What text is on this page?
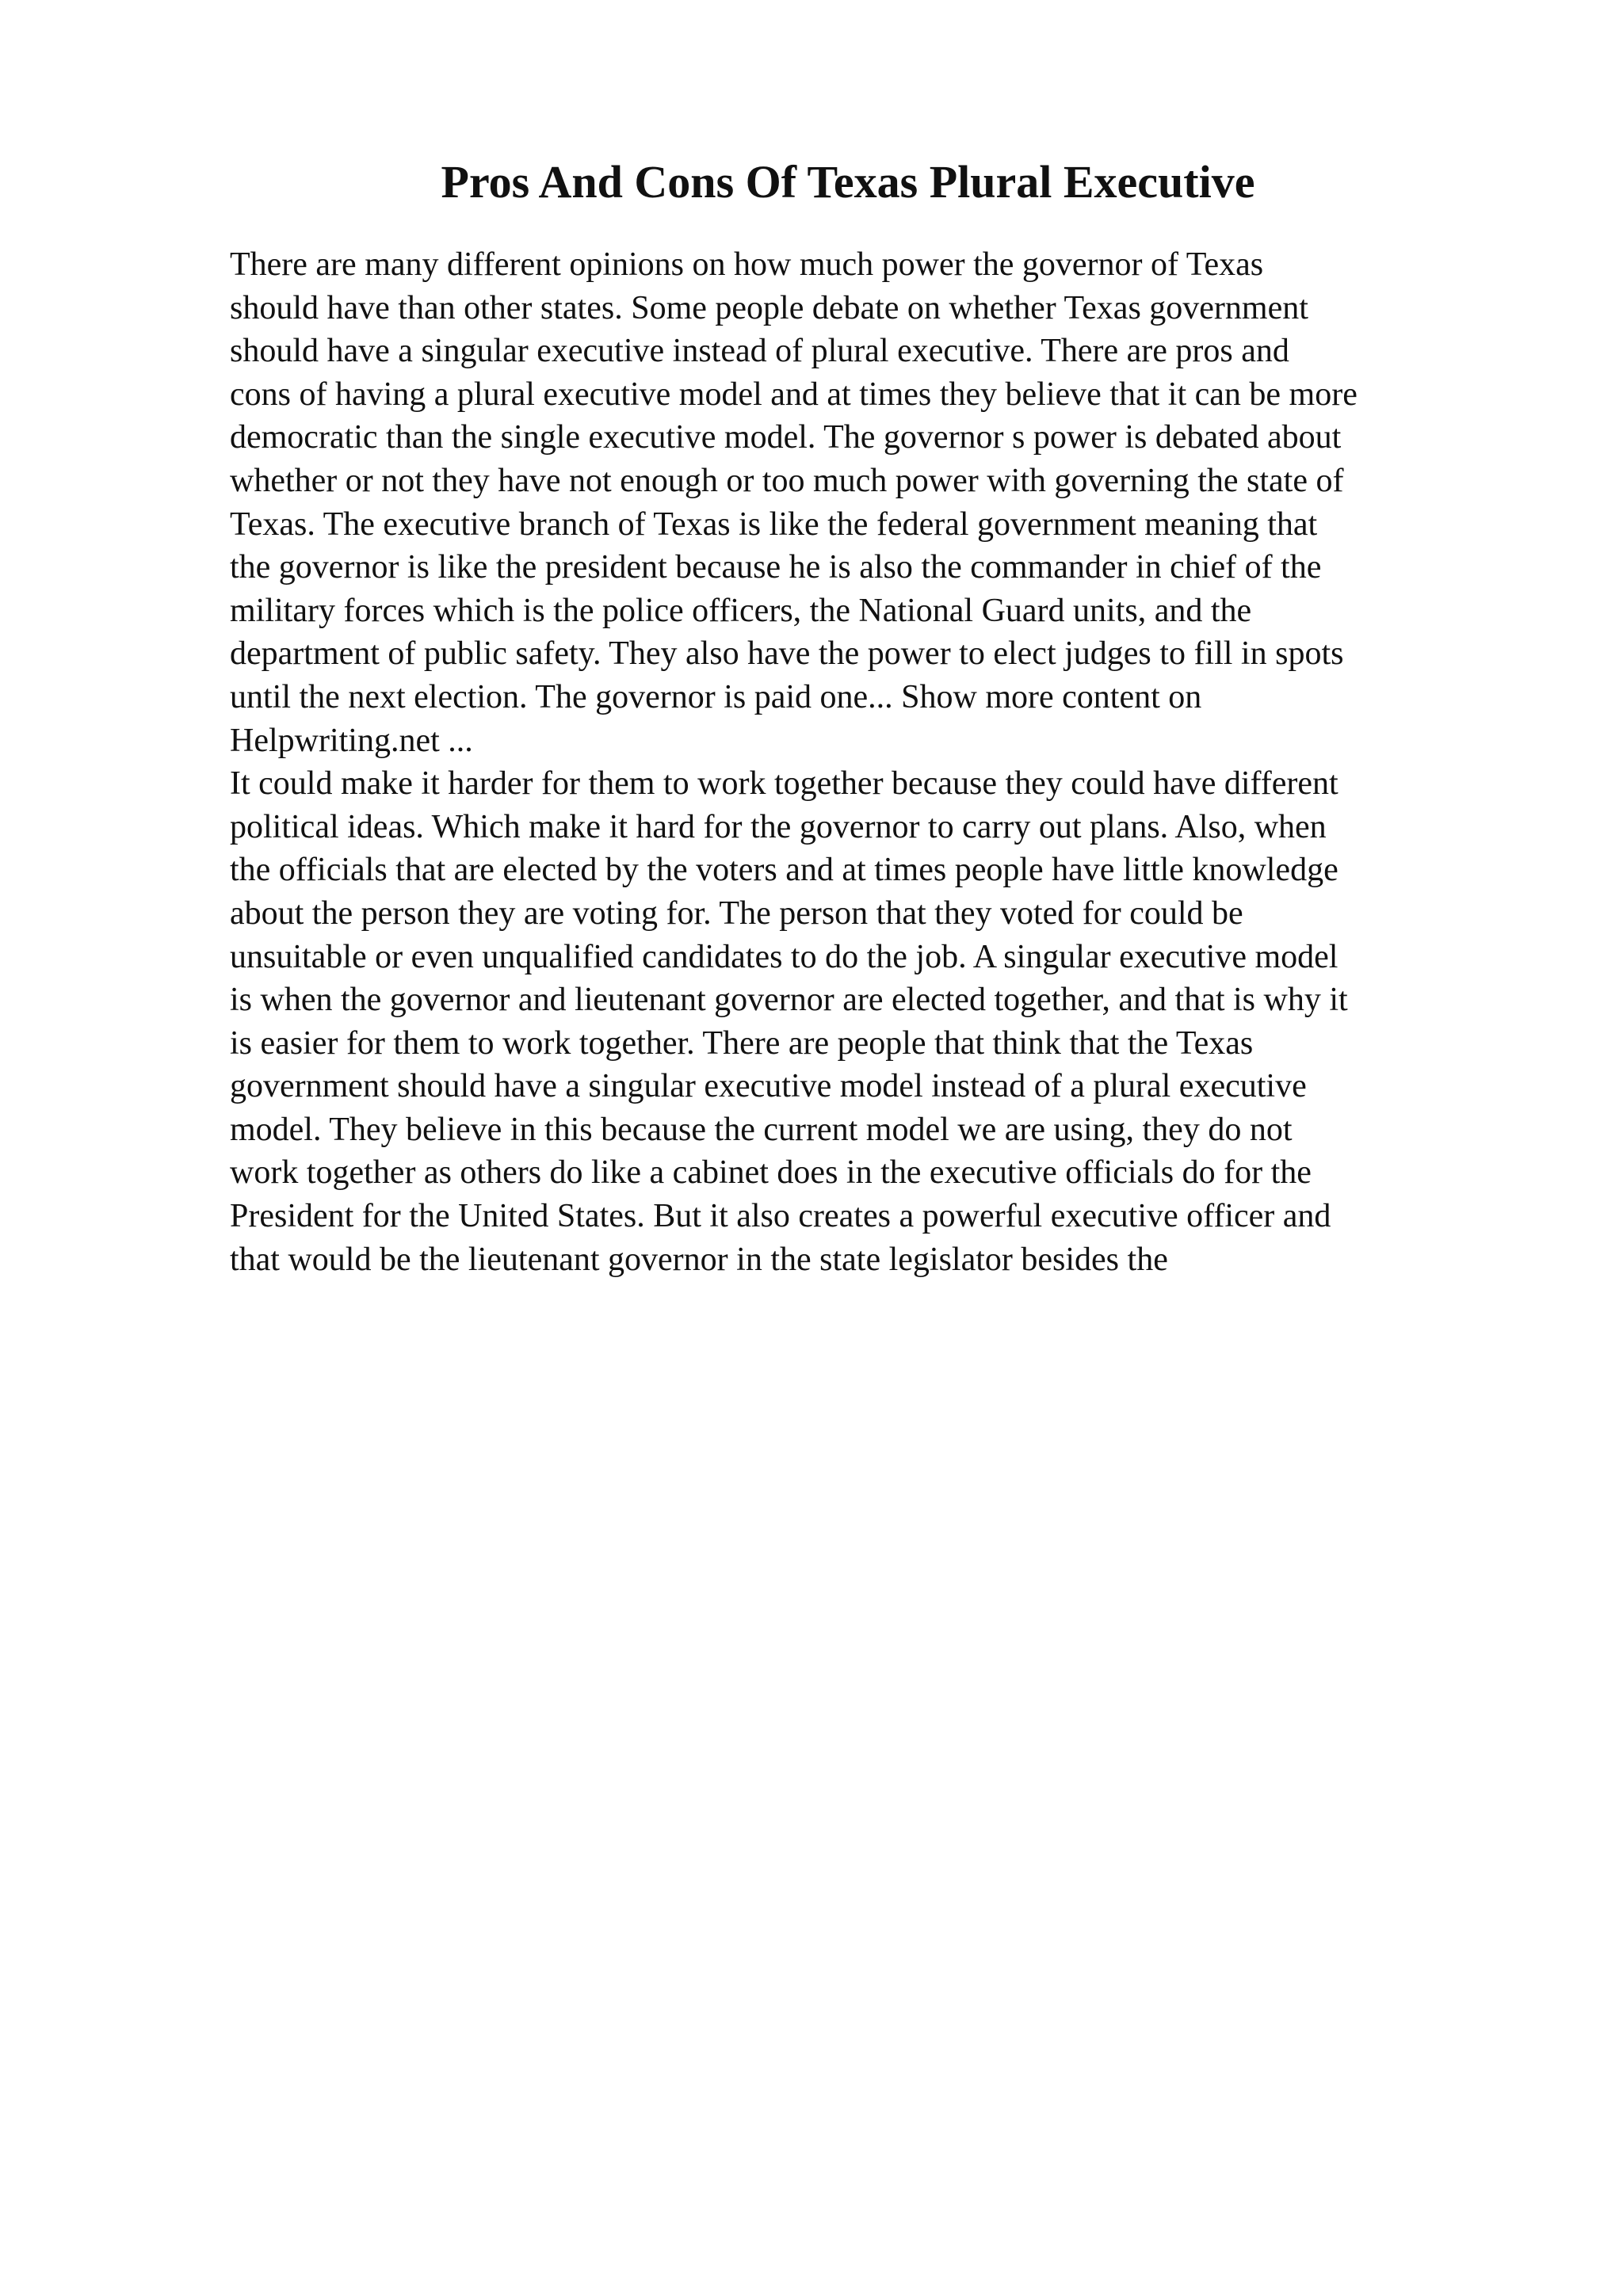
Pros And Cons Of Texas Plural Executive
There are many different opinions on how much power the governor of Texas
should have than other states. Some people debate on whether Texas government
should have a singular executive instead of plural executive. There are pros and
cons of having a plural executive model and at times they believe that it can be more
democratic than the single executive model. The governor s power is debated about
whether or not they have not enough or too much power with governing the state of
Texas. The executive branch of Texas is like the federal government meaning that
the governor is like the president because he is also the commander in chief of the
military forces which is the police officers, the National Guard units, and the
department of public safety. They also have the power to elect judges to fill in spots
until the next election. The governor is paid one... Show more content on
Helpwriting.net ...
It could make it harder for them to work together because they could have different
political ideas. Which make it hard for the governor to carry out plans. Also, when
the officials that are elected by the voters and at times people have little knowledge
about the person they are voting for. The person that they voted for could be
unsuitable or even unqualified candidates to do the job. A singular executive model
is when the governor and lieutenant governor are elected together, and that is why it
is easier for them to work together. There are people that think that the Texas
government should have a singular executive model instead of a plural executive
model. They believe in this because the current model we are using, they do not
work together as others do like a cabinet does in the executive officials do for the
President for the United States. But it also creates a powerful executive officer and
that would be the lieutenant governor in the state legislator besides the
